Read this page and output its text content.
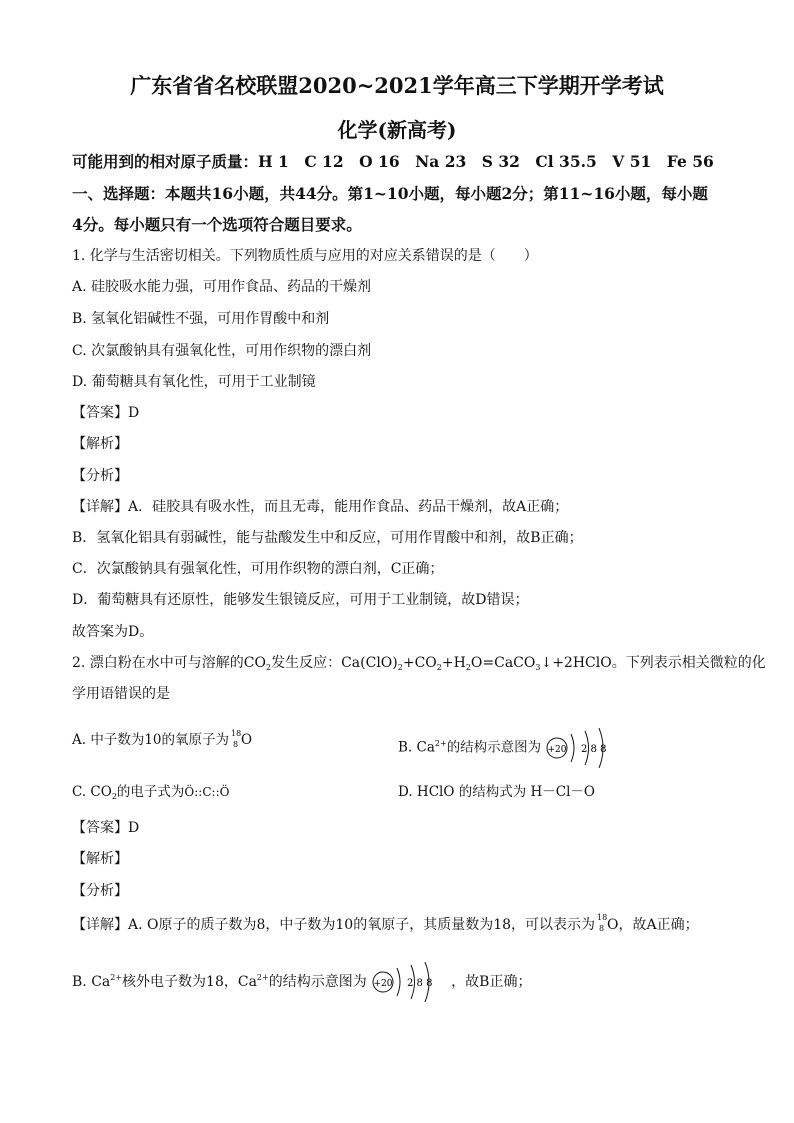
广东省省名校联盟2020~2021学年高三下学期开学考试
化学(新高考)
可能用到的相对原子质量：H 1　C 12　O 16　Na 23　S 32　Cl 35.5　V 51　Fe 56
一、选择题：本题共16小题，共44分。第1~10小题，每小题2分；第11~16小题，每小题
4分。每小题只有一个选项符合题目要求。
1. 化学与生活密切相关。下列物质性质与应用的对应关系错误的是（　　）
A. 硅胶吸水能力强，可用作食品、药品的干燥剂
B. 氢氧化铝碱性不强，可用作胃酸中和剂
C. 次氯酸钠具有强氧化性，可用作织物的漂白剂
D. 葡萄糖具有氧化性，可用于工业制镜
【答案】D
【解析】
【分析】
【详解】A．硅胶具有吸水性，而且无毒，能用作食品、药品干燥剂，故A正确；
B．氢氧化铝具有弱碱性，能与盐酸发生中和反应，可用作胃酸中和剂，故B正确；
C．次氯酸钠具有强氧化性，可用作织物的漂白剂，C正确；
D．葡萄糖具有还原性，能够发生银镜反应，可用于工业制镜，故D错误；
故答案为D。
2. 漂白粉在水中可与溶解的$CO_2$发生反应：$Ca(ClO)_2+CO_2+H_2O=CaCO_3↓+2HClO$。下列表示相关微粒的化
学用语错误的是
A. 中子数为10的氧原子为 18
8 O	B. $Ca^{2+}$的结构示意图为 +20 2 8 8
C. $CO_2$的电子式为Ö::C::Ö	D. HClO 的结构式为 H－Cl－O
【答案】D
【解析】
【分析】
【详解】A. O原子的质子数为8，中子数为10的氧原子，其质量数为18，可以表示为 18
8 O，故A正确；
B. $Ca^{2+}$核外电子数为18，$Ca^{2+}$的结构示意图为 +20 2 8 8 ，故B正确；
